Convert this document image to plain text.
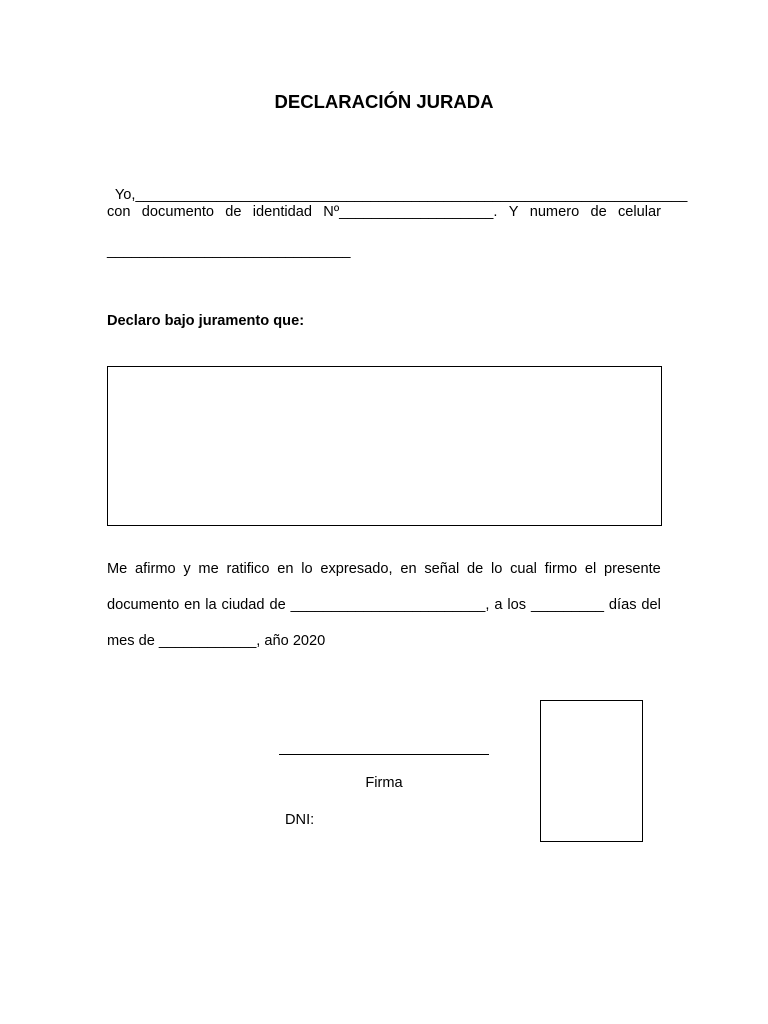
DECLARACIÓN JURADA

Yo,____________________________________________________________________

con documento de identidad Nº___________________. Y numero de celular
______________________________
Declaro bajo juramento que:
Me afirmo y me ratifico en lo expresado, en señal de lo cual firmo el presente
documento en la ciudad de ________________________, a los _________ días del
mes de ____________, año 2020
Firma
DNI:
